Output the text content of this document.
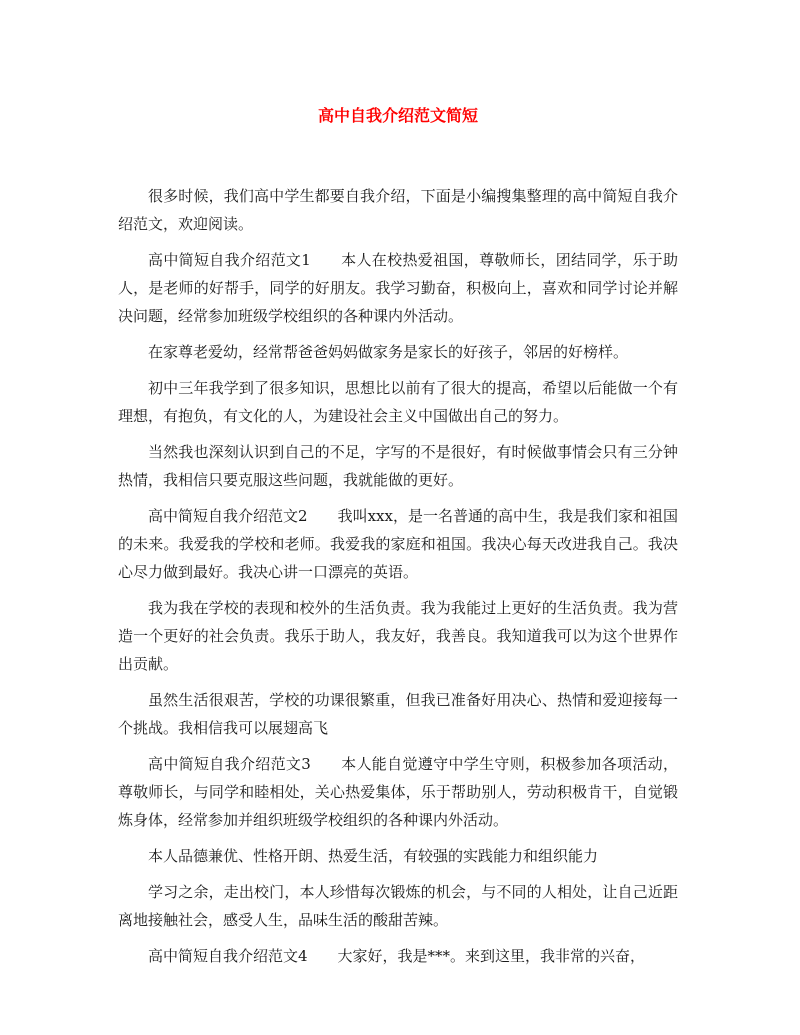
高中自我介绍范文简短

很多时候，我们高中学生都要自我介绍，下面是小编搜集整理的高中简短自我介绍范文，欢迎阅读。

高中简短自我介绍范文1 本人在校热爱祖国，尊敬师长，团结同学，乐于助人，是老师的好帮手，同学的好朋友。我学习勤奋，积极向上，喜欢和同学讨论并解决问题，经常参加班级学校组织的各种课内外活动。

在家尊老爱幼，经常帮爸爸妈妈做家务是家长的好孩子，邻居的好榜样。

初中三年我学到了很多知识，思想比以前有了很大的提高，希望以后能做一个有理想，有抱负，有文化的人，为建设社会主义中国做出自己的努力。

当然我也深刻认识到自己的不足，字写的不是很好，有时候做事情会只有三分钟热情，我相信只要克服这些问题，我就能做的更好。

高中简短自我介绍范文2 我叫xxx，是一名普通的高中生，我是我们家和祖国的未来。我爱我的学校和老师。我爱我的家庭和祖国。我决心每天改进我自己。我决心尽力做到最好。我决心讲一口漂亮的英语。

我为我在学校的表现和校外的生活负责。我为我能过上更好的生活负责。我为营造一个更好的社会负责。我乐于助人，我友好，我善良。我知道我可以为这个世界作出贡献。

虽然生活很艰苦，学校的功课很繁重，但我已准备好用决心、热情和爱迎接每一个挑战。我相信我可以展翅高飞

高中简短自我介绍范文3 本人能自觉遵守中学生守则，积极参加各项活动，尊敬师长，与同学和睦相处，关心热爱集体，乐于帮助别人，劳动积极肯干，自觉锻炼身体，经常参加并组织班级学校组织的各种课内外活动。

本人品德兼优、性格开朗、热爱生活，有较强的实践能力和组织能力

学习之余，走出校门，本人珍惜每次锻炼的机会，与不同的人相处，让自己近距离地接触社会，感受人生，品味生活的酸甜苦辣。

高中简短自我介绍范文4 大家好，我是***。来到这里，我非常的兴奋，
